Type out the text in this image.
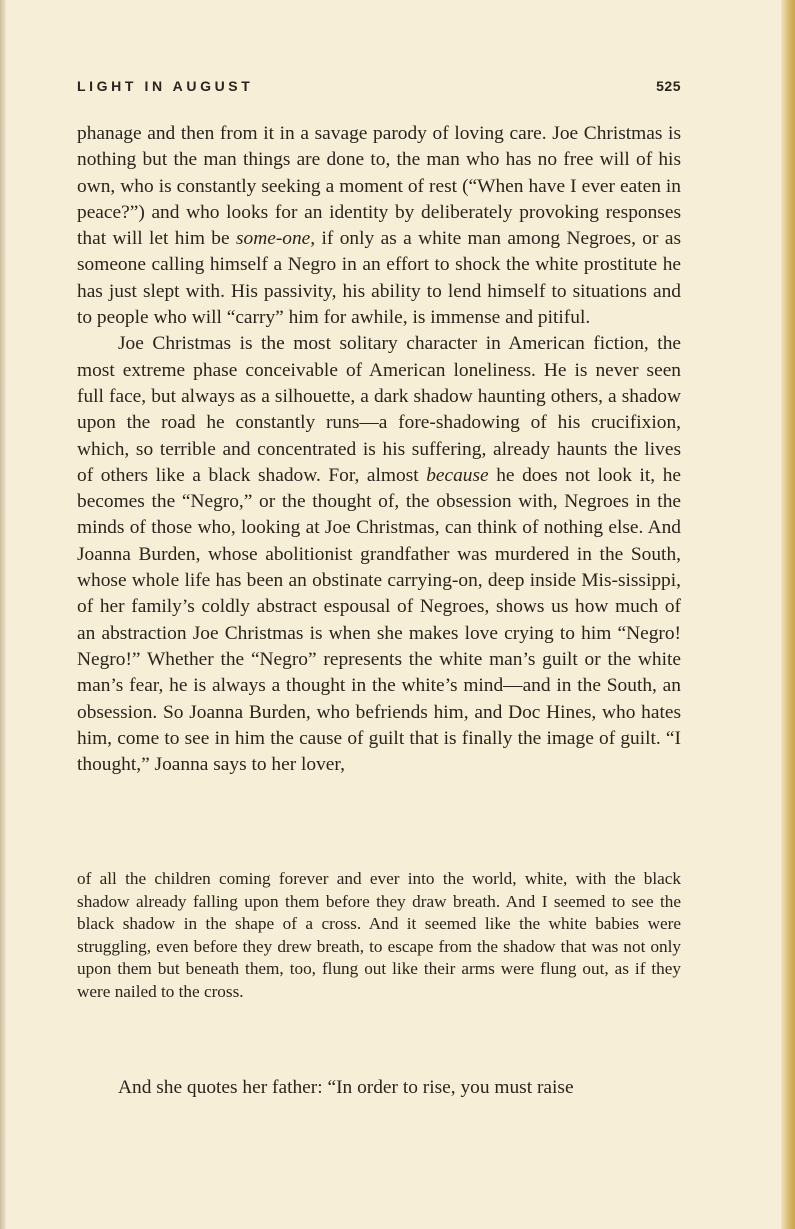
LIGHT IN AUGUST	525

phanage and then from it in a savage parody of loving care. Joe Christmas is nothing but the man things are done to, the man who has no free will of his own, who is constantly seeking a moment of rest (“When have I ever eaten in peace?”) and who looks for an identity by deliberately provoking responses that will let him be some-one, if only as a white man among Negroes, or as someone calling himself a Negro in an effort to shock the white prostitute he has just slept with. His passivity, his ability to lend himself to situations and to people who will “carry” him for awhile, is immense and pitiful.

Joe Christmas is the most solitary character in American fiction, the most extreme phase conceivable of American loneliness. He is never seen full face, but always as a silhouette, a dark shadow haunting others, a shadow upon the road he constantly runs—a fore-shadowing of his crucifixion, which, so terrible and concentrated is his suffering, already haunts the lives of others like a black shadow. For, almost because he does not look it, he becomes the “Negro,” or the thought of, the obsession with, Negroes in the minds of those who, looking at Joe Christmas, can think of nothing else. And Joanna Burden, whose abolitionist grandfather was murdered in the South, whose whole life has been an obstinate carrying-on, deep inside Mis-sissippi, of her family’s coldly abstract espousal of Negroes, shows us how much of an abstraction Joe Christmas is when she makes love crying to him “Negro! Negro!” Whether the “Negro” represents the white man’s guilt or the white man’s fear, he is always a thought in the white’s mind—and in the South, an obsession. So Joanna Burden, who befriends him, and Doc Hines, who hates him, come to see in him the cause of guilt that is finally the image of guilt. “I thought,” Joanna says to her lover,

of all the children coming forever and ever into the world, white, with the black shadow already falling upon them before they draw breath. And I seemed to see the black shadow in the shape of a cross. And it seemed like the white babies were struggling, even before they drew breath, to escape from the shadow that was not only upon them but beneath them, too, flung out like their arms were flung out, as if they were nailed to the cross.

And she quotes her father: “In order to rise, you must raise
